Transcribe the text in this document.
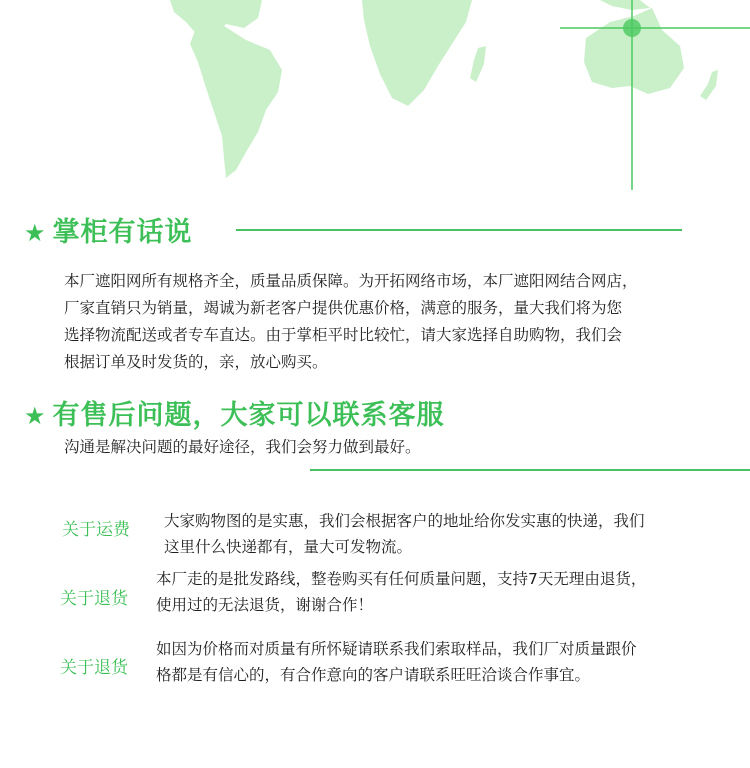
★ 掌柜有话说
本厂遮阳网所有规格齐全，质量品质保障。为开拓网络市场，本厂遮阳网结合网店，
厂家直销只为销量，竭诚为新老客户提供优惠价格，满意的服务，量大我们将为您
选择物流配送或者专车直达。由于掌柜平时比较忙，请大家选择自助购物，我们会
根据订单及时发货的，亲，放心购买。
★ 有售后问题，大家可以联系客服
沟通是解决问题的最好途径，我们会努力做到最好。
关于运费 大家购物图的是实惠，我们会根据客户的地址给你发实惠的快递，我们
这里什么快递都有，量大可发物流。
关于退货
本厂走的是批发路线，整卷购买有任何质量问题，支持7天无理由退货，
使用过的无法退货，谢谢合作！
关于退货
如因为价格而对质量有所怀疑请联系我们索取样品，我们厂对质量跟价
格都是有信心的，有合作意向的客户请联系旺旺洽谈合作事宜。
